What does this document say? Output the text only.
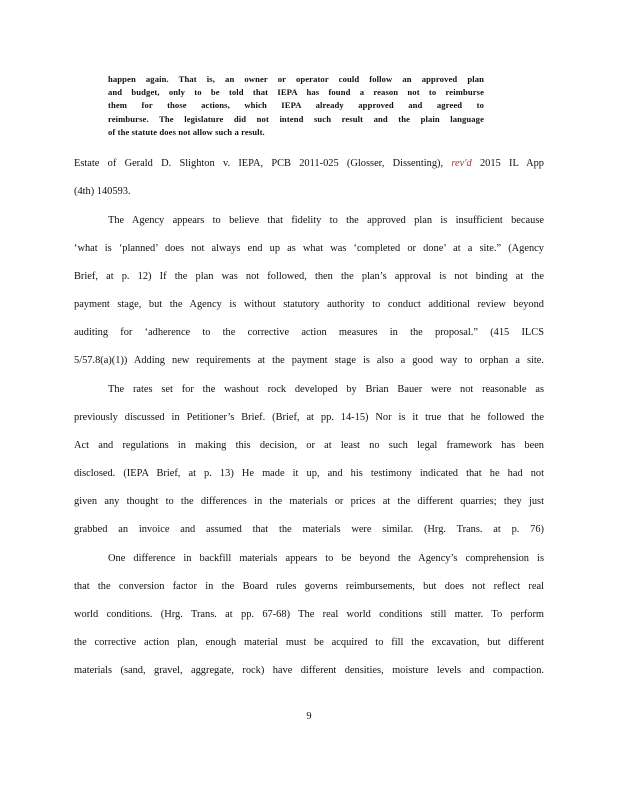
happen again. That is, an owner or operator could follow an approved plan
and budget, only to be told that IEPA has found a reason not to reimburse
them for those actions, which IEPA already approved and agreed to
reimburse. The legislature did not intend such result and the plain language
of the statute does not allow such a result.
Estate of Gerald D. Slighton v. IEPA, PCB 2011-025 (Glosser, Dissenting), rev'd 2015 IL App
(4th) 140593.
The Agency appears to believe that fidelity to the approved plan is insufficient because
‘what is ‘planned’ does not always end up as what was ‘completed or done’ at a site.” (Agency
Brief, at p. 12) If the plan was not followed, then the plan’s approval is not binding at the
payment stage, but the Agency is without statutory authority to conduct additional review beyond
auditing for ‘adherence to the corrective action measures in the proposal.” (415 ILCS
5/57.8(a)(1)) Adding new requirements at the payment stage is also a good way to orphan a site.
The rates set for the washout rock developed by Brian Bauer were not reasonable as
previously discussed in Petitioner’s Brief. (Brief, at pp. 14-15) Nor is it true that he followed the
Act and regulations in making this decision, or at least no such legal framework has been
disclosed. (IEPA Brief, at p. 13) He made it up, and his testimony indicated that he had not
given any thought to the differences in the materials or prices at the different quarries; they just
grabbed an invoice and assumed that the materials were similar. (Hrg. Trans. at p. 76)
One difference in backfill materials appears to be beyond the Agency’s comprehension is
that the conversion factor in the Board rules governs reimbursements, but does not reflect real
world conditions. (Hrg. Trans. at pp. 67-68) The real world conditions still matter. To perform
the corrective action plan, enough material must be acquired to fill the excavation, but different
materials (sand, gravel, aggregate, rock) have different densities, moisture levels and compaction.
9
